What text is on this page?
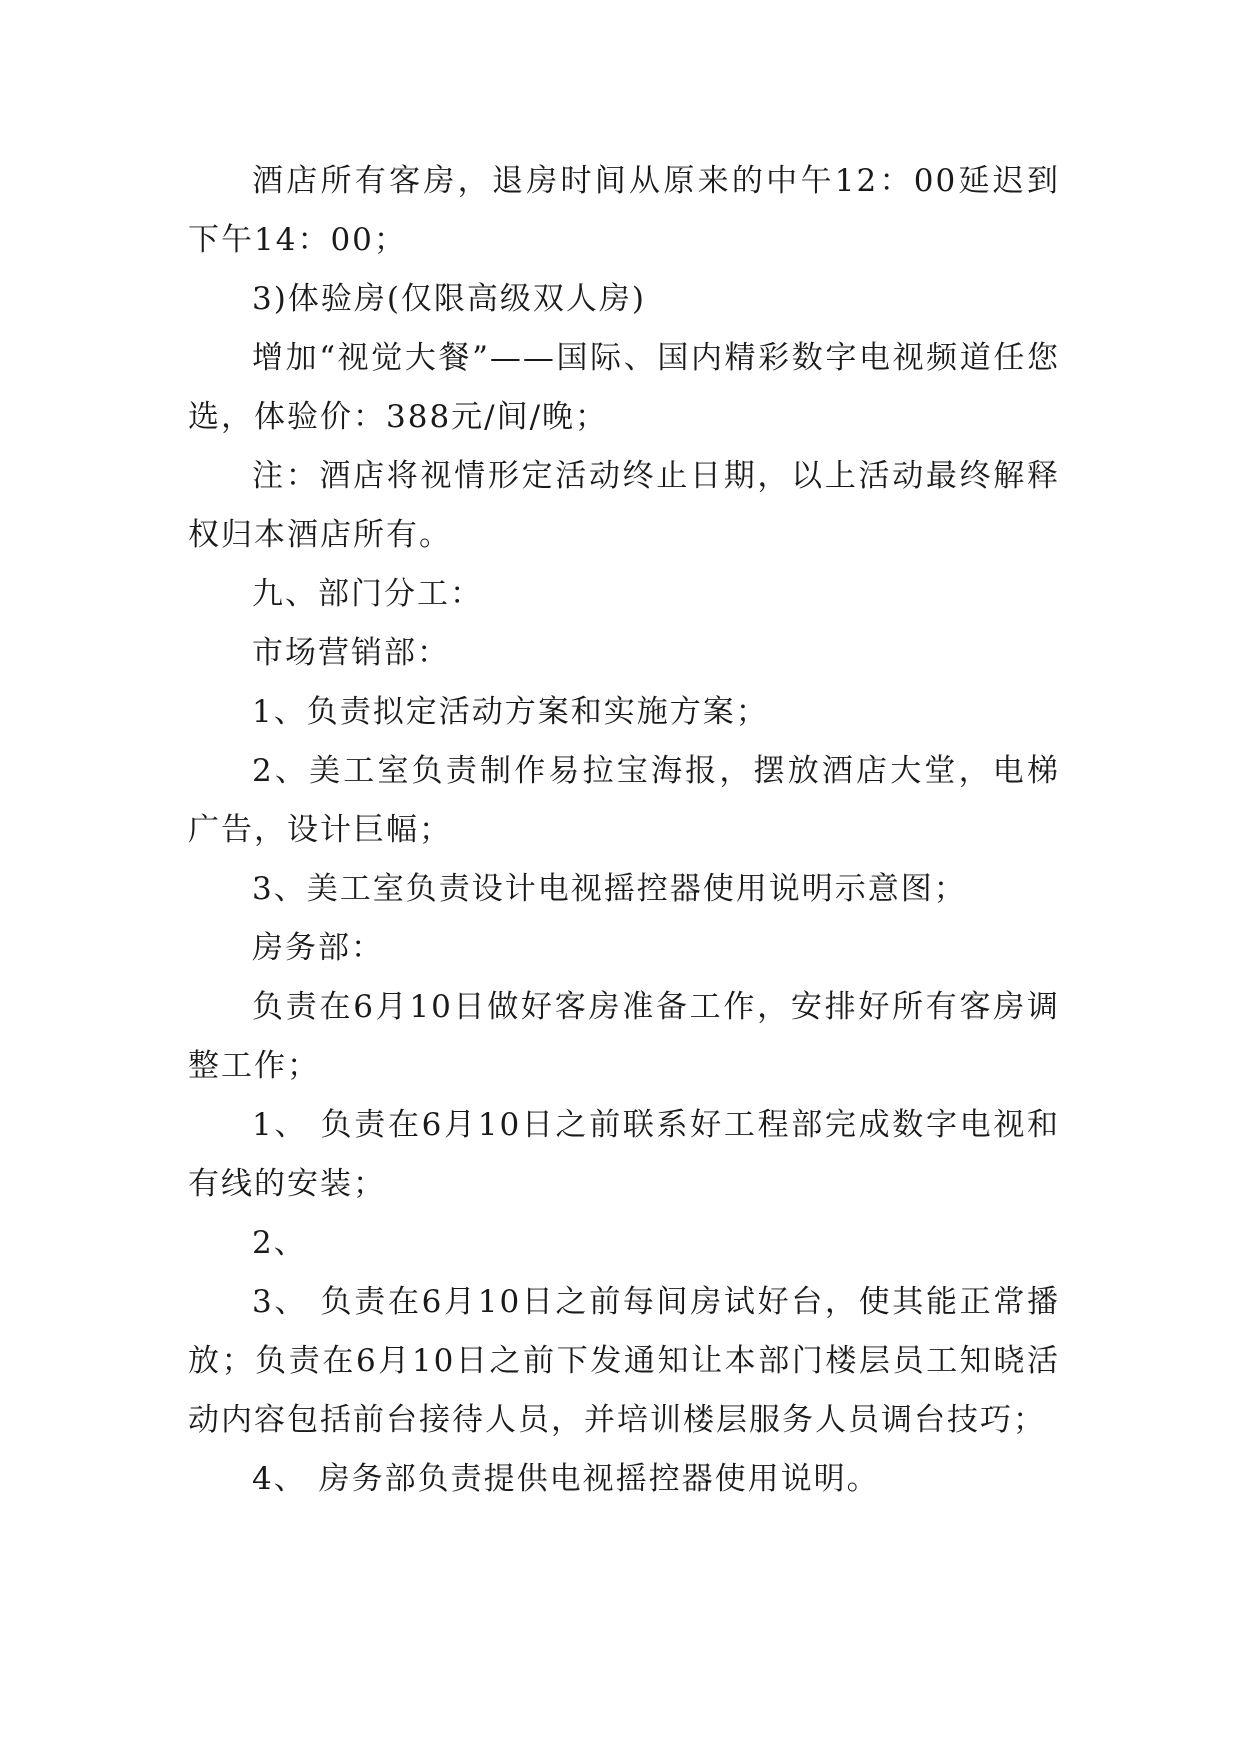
酒店所有客房，退房时间从原来的中午12：00延迟到下午14：00；

3)体验房(仅限高级双人房)

增加“视觉大餐”——国际、国内精彩数字电视频道任您选，体验价：388元/间/晚；

注：酒店将视情形定活动终止日期，以上活动最终解释权归本酒店所有。

九、部门分工：

市场营销部：

1、负责拟定活动方案和实施方案；

2、美工室负责制作易拉宝海报，摆放酒店大堂，电梯广告，设计巨幅；

3、美工室负责设计电视摇控器使用说明示意图；

房务部：

负责在6月10日做好客房准备工作，安排好所有客房调整工作；

1、 负责在6月10日之前联系好工程部完成数字电视和有线的安装；

2、

3、 负责在6月10日之前每间房试好台，使其能正常播放；负责在6月10日之前下发通知让本部门楼层员工知晓活动内容包括前台接待人员，并培训楼层服务人员调台技巧；

4、 房务部负责提供电视摇控器使用说明。
